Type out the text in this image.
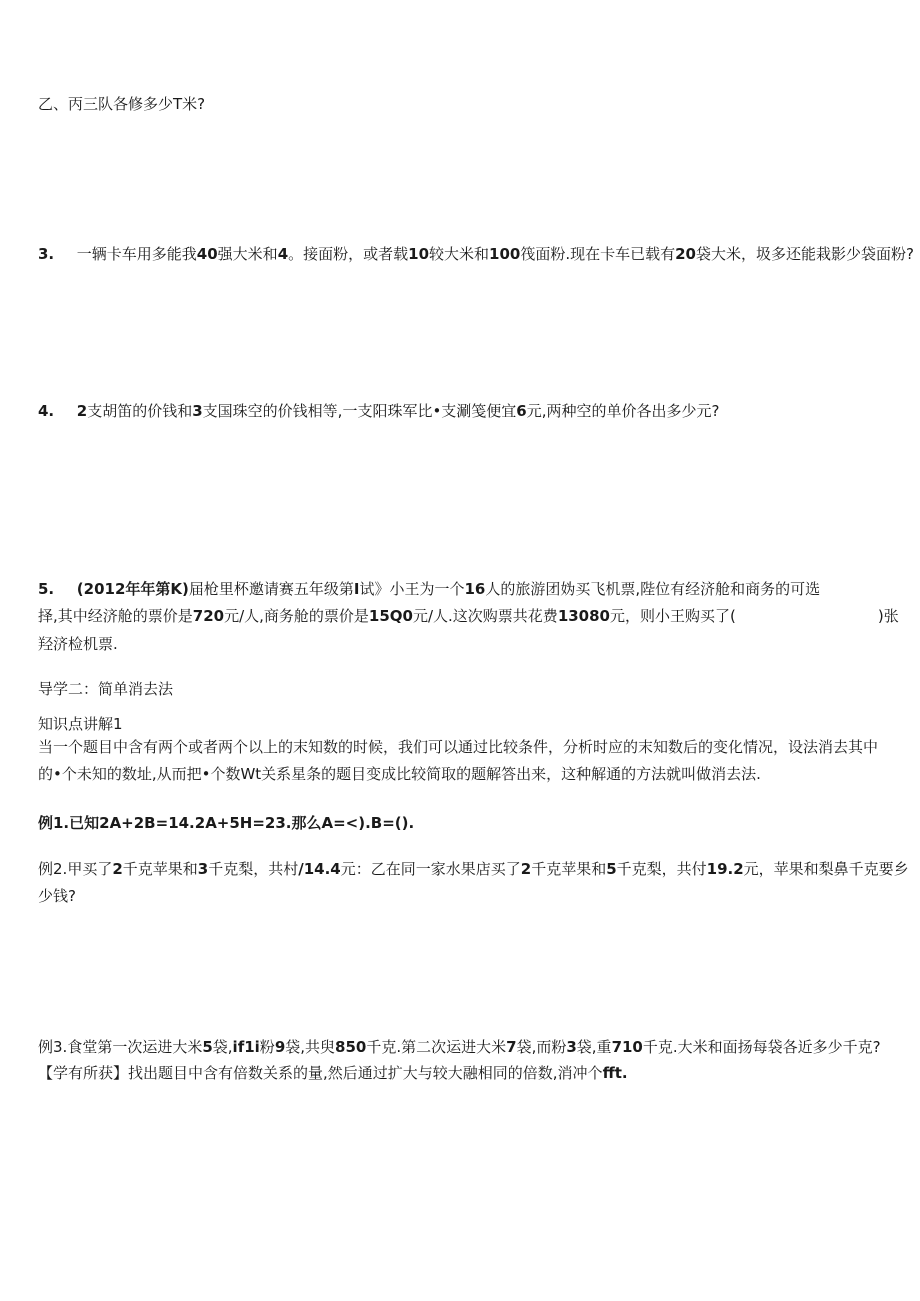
乙、丙三队各修多少T米?
3. 一辆卡车用多能我40强大米和4。接面粉，或者载10较大米和100筏面粉.现在卡车已载有20袋大米，圾多还能栽影少袋面粉?
4. 2支胡笛的价钱和3支国珠空的价钱相等,一支阳珠军比•支涮笺便宜6元,两种空的单价各出多少元?
5. (2012年年第K)届枪里杯邀请赛五年级第I试》小王为一个16人的旅游团妫买飞机票,陛位有经济舱和商务的可选
择,其中经济舱的票价是720元/人,商务舱的票价是15Q0元/人.这次购票共花费13080元，则小王购买了(	)张
羟济检机票.
导学二：简单消去法
知识点讲解1
当一个题目中含有两个或者两个以上的末知数的时候，我们可以通过比较条件，分析时应的末知数后的变化情况，设法消去其中
的•个未知的数址,从而把•个数Wt关系星条的题目变成比较简取的题解答出来，这种解通的方法就叫做消去法.
例1.已知2A+2B=14.2A+5H=23.那么A=<).B=().
例2.甲买了2千克苹果和3千克梨，共村/14.4元：乙在同一家水果店买了2千克苹果和5千克梨，共付19.2元，苹果和梨鼻千克要乡
少钱?
例3.食堂第一次运进大米5袋,if1i粉9袋,共臾850千克.第二次运进大米7袋,而粉3袋,重710千克.大米和面扬每袋各近多少千克?
【学有所获】找出题目中含有倍数关系的量,然后通过扩大与较大融相同的倍数,消冲个fft.
